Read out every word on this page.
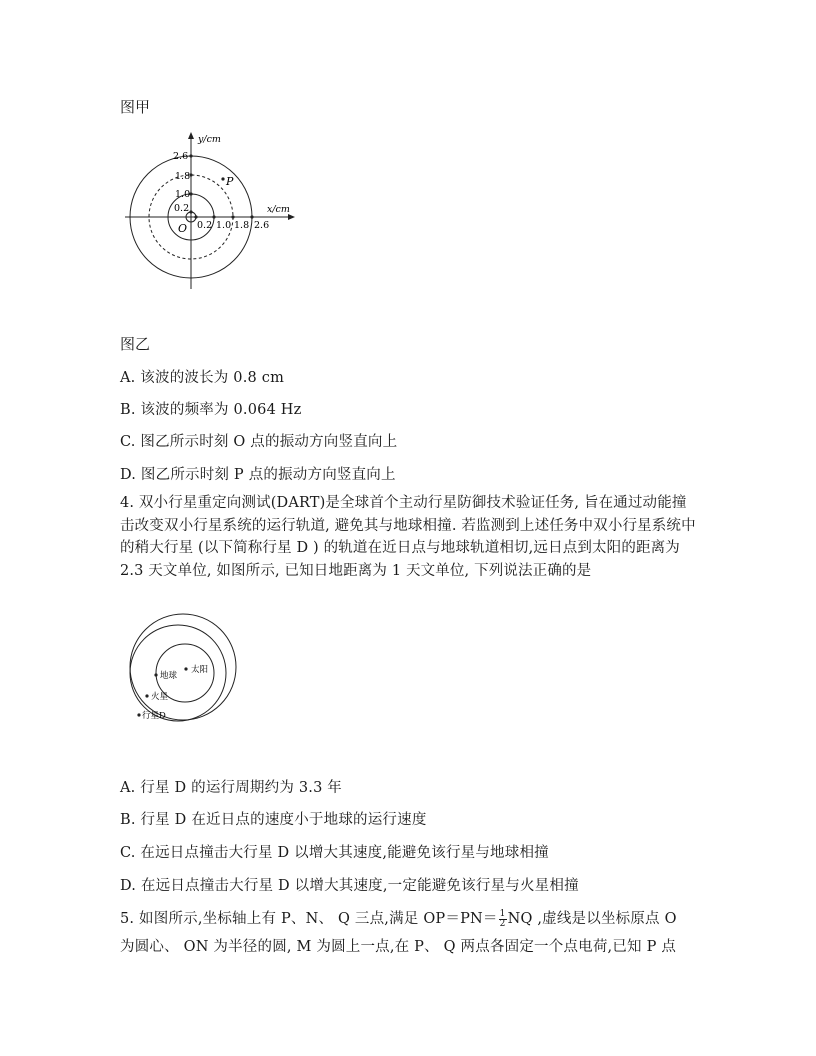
图甲
y/cm
x/cm
2.6
1.8
1.0
0.2
0.2 1.0 1.8 2.6
O
P
图乙
A. 该波的波长为 0.8 cm
B. 该波的频率为 0.064 Hz
C. 图乙所示时刻 O 点的振动方向竖直向上
D. 图乙所示时刻 P 点的振动方向竖直向上
4. 双小行星重定向测试(DART)是全球首个主动行星防御技术验证任务, 旨在通过动能撞击改变双小行星系统的运行轨道, 避免其与地球相撞. 若监测到上述任务中双小行星系统中的稍大行星 (以下简称行星 D ) 的轨道在近日点与地球轨道相切,远日点到太阳的距离为 2.3 天文单位, 如图所示, 已知日地距离为 1 天文单位, 下列说法正确的是
地球
太阳
火星
行星D
A. 行星 D 的运行周期约为 3.3 年
B. 行星 D 在近日点的速度小于地球的运行速度
C. 在远日点撞击大行星 D 以增大其速度,能避免该行星与地球相撞
D. 在远日点撞击大行星 D 以增大其速度,一定能避免该行星与火星相撞
5. 如图所示,坐标轴上有 P、N、 Q 三点,满足 $OP=PN= \frac{1}{2}$ NQ ,虚线是以坐标原点 O
为圆心、 ON 为半径的圆, M 为圆上一点,在 P、 Q 两点各固定一个点电荷,已知 P 点
